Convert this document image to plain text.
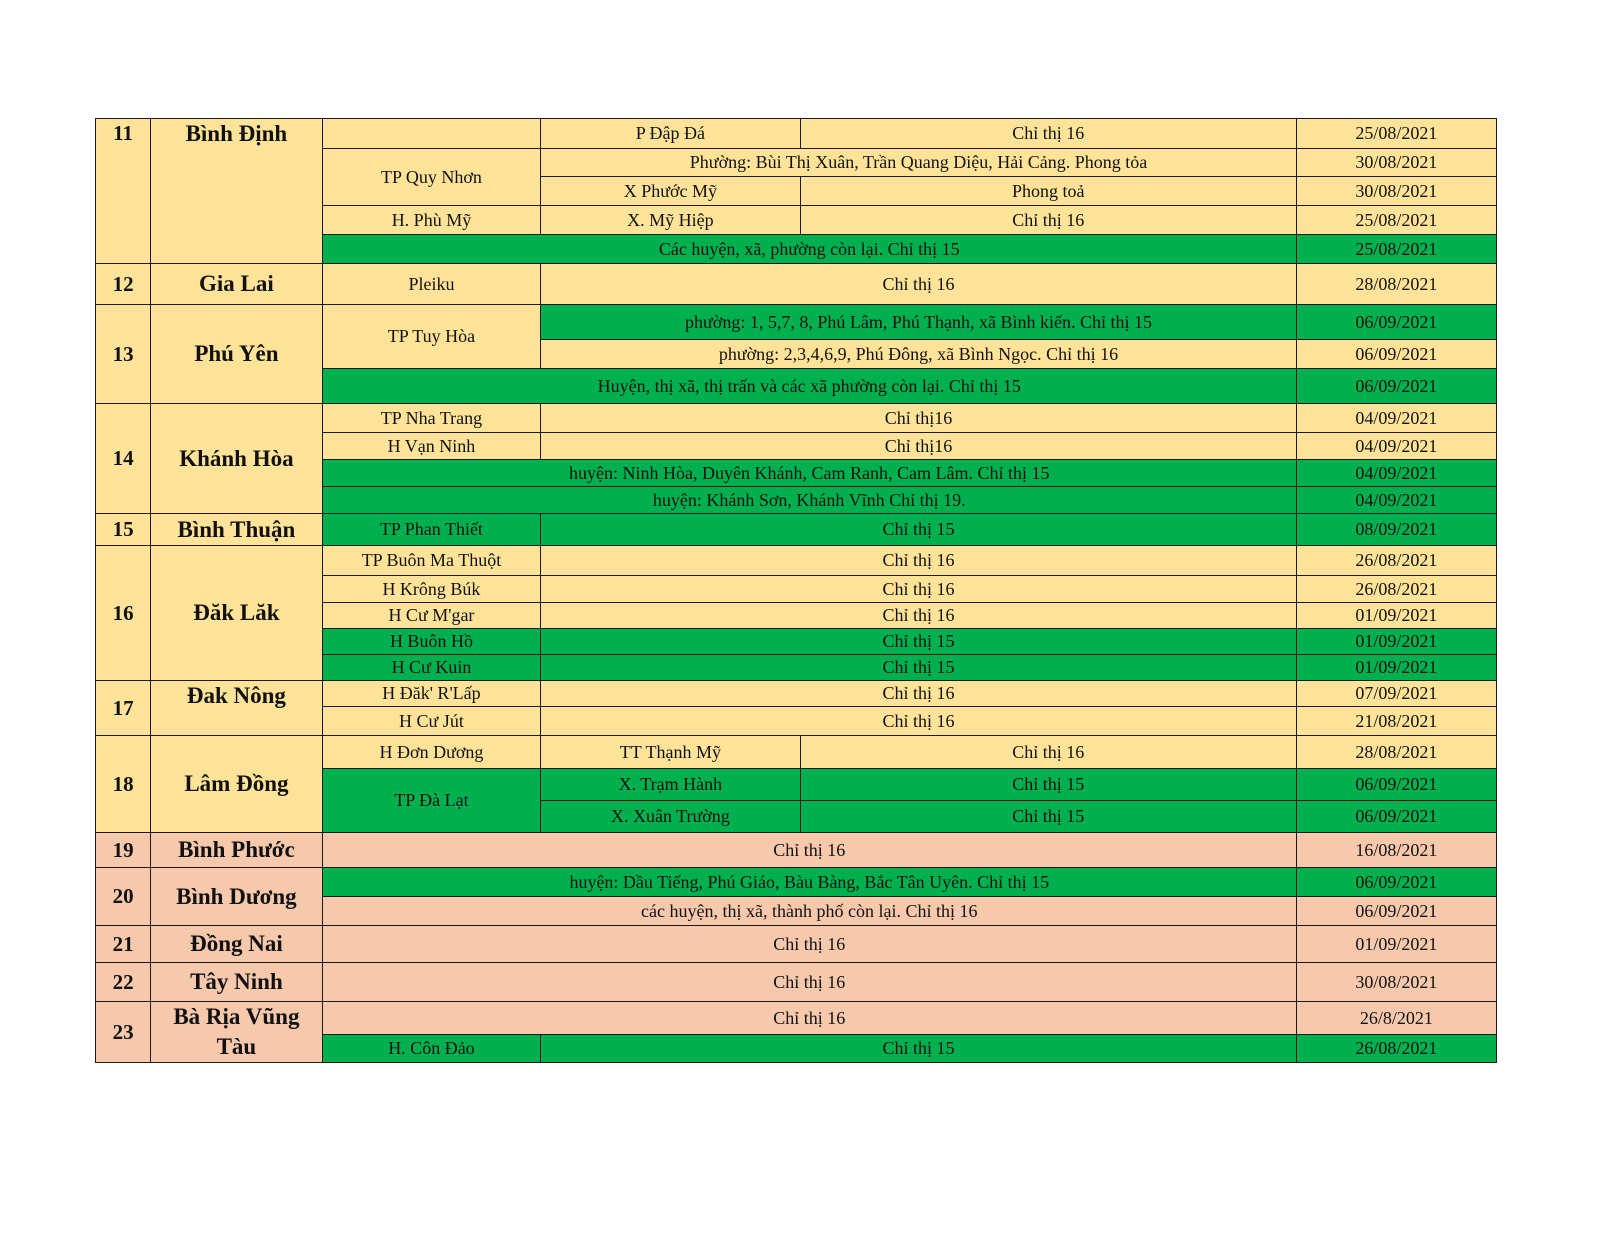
11	Bình Định		P Đập Đá	Chỉ thị 16	25/08/2021
		TP Quy Nhơn	Phường: Bùi Thị Xuân, Trần Quang Diệu, Hải Cảng. Phong tỏa		30/08/2021
			X Phước Mỹ	Phong toả	30/08/2021
		H. Phù Mỹ	X. Mỹ Hiệp	Chỉ thị 16	25/08/2021
		Các huyện, xã, phường còn lại. Chỉ thị 15			25/08/2021
12	Gia Lai	Pleiku	Chỉ thị 16		28/08/2021
13	Phú Yên	TP Tuy Hòa	phường: 1, 5,7, 8, Phú Lâm, Phú Thạnh, xã Bình kiến. Chỉ thị 15		06/09/2021
			phường: 2,3,4,6,9, Phú Đông, xã Bình Ngọc. Chỉ thị 16		06/09/2021
		Huyện, thị xã, thị trấn và các xã phường còn lại. Chỉ thị 15			06/09/2021
14	Khánh Hòa	TP Nha Trang	Chỉ thị16		04/09/2021
		H Vạn Ninh	Chỉ thị16		04/09/2021
		huyện: Ninh Hòa, Duyên Khánh, Cam Ranh, Cam Lâm. Chỉ thị 15			04/09/2021
		huyện: Khánh Sơn, Khánh Vĩnh Chỉ thị 19.			04/09/2021
15	Bình Thuận	TP Phan Thiết	Chỉ thị 15		08/09/2021
16	Đăk Lăk	TP Buôn Ma Thuột	Chỉ thị 16		26/08/2021
		H Krông Búk	Chỉ thị 16		26/08/2021
		H Cư M'gar	Chỉ thị 16		01/09/2021
		H Buôn Hồ	Chỉ thị 15		01/09/2021
		H Cư Kuin	Chỉ thị 15		01/09/2021
17	Đak Nông	H Đăk' R'Lấp	Chỉ thị 16		07/09/2021
		H Cư Jút	Chỉ thị 16		21/08/2021
18	Lâm Đồng	H Đơn Dương	TT Thạnh Mỹ	Chỉ thị 16	28/08/2021
		TP Đà Lạt	X. Trạm Hành	Chỉ thị 15	06/09/2021
			X. Xuân Trường	Chỉ thị 15	06/09/2021
19	Bình Phước	Chỉ thị 16			16/08/2021
20	Bình Dương	huyện: Dầu Tiếng, Phú Giáo, Bàu Bàng, Bắc Tân Uyên. Chỉ thị 15			06/09/2021
		các huyện, thị xã, thành phố còn lại. Chỉ thị 16			06/09/2021
21	Đồng Nai	Chỉ thị 16			01/09/2021
22	Tây Ninh	Chỉ thị 16			30/08/2021
23	Bà Rịa Vũng Tàu	Chỉ thị 16			26/8/2021
		H. Côn Đảo	Chỉ thị 15		26/08/2021
